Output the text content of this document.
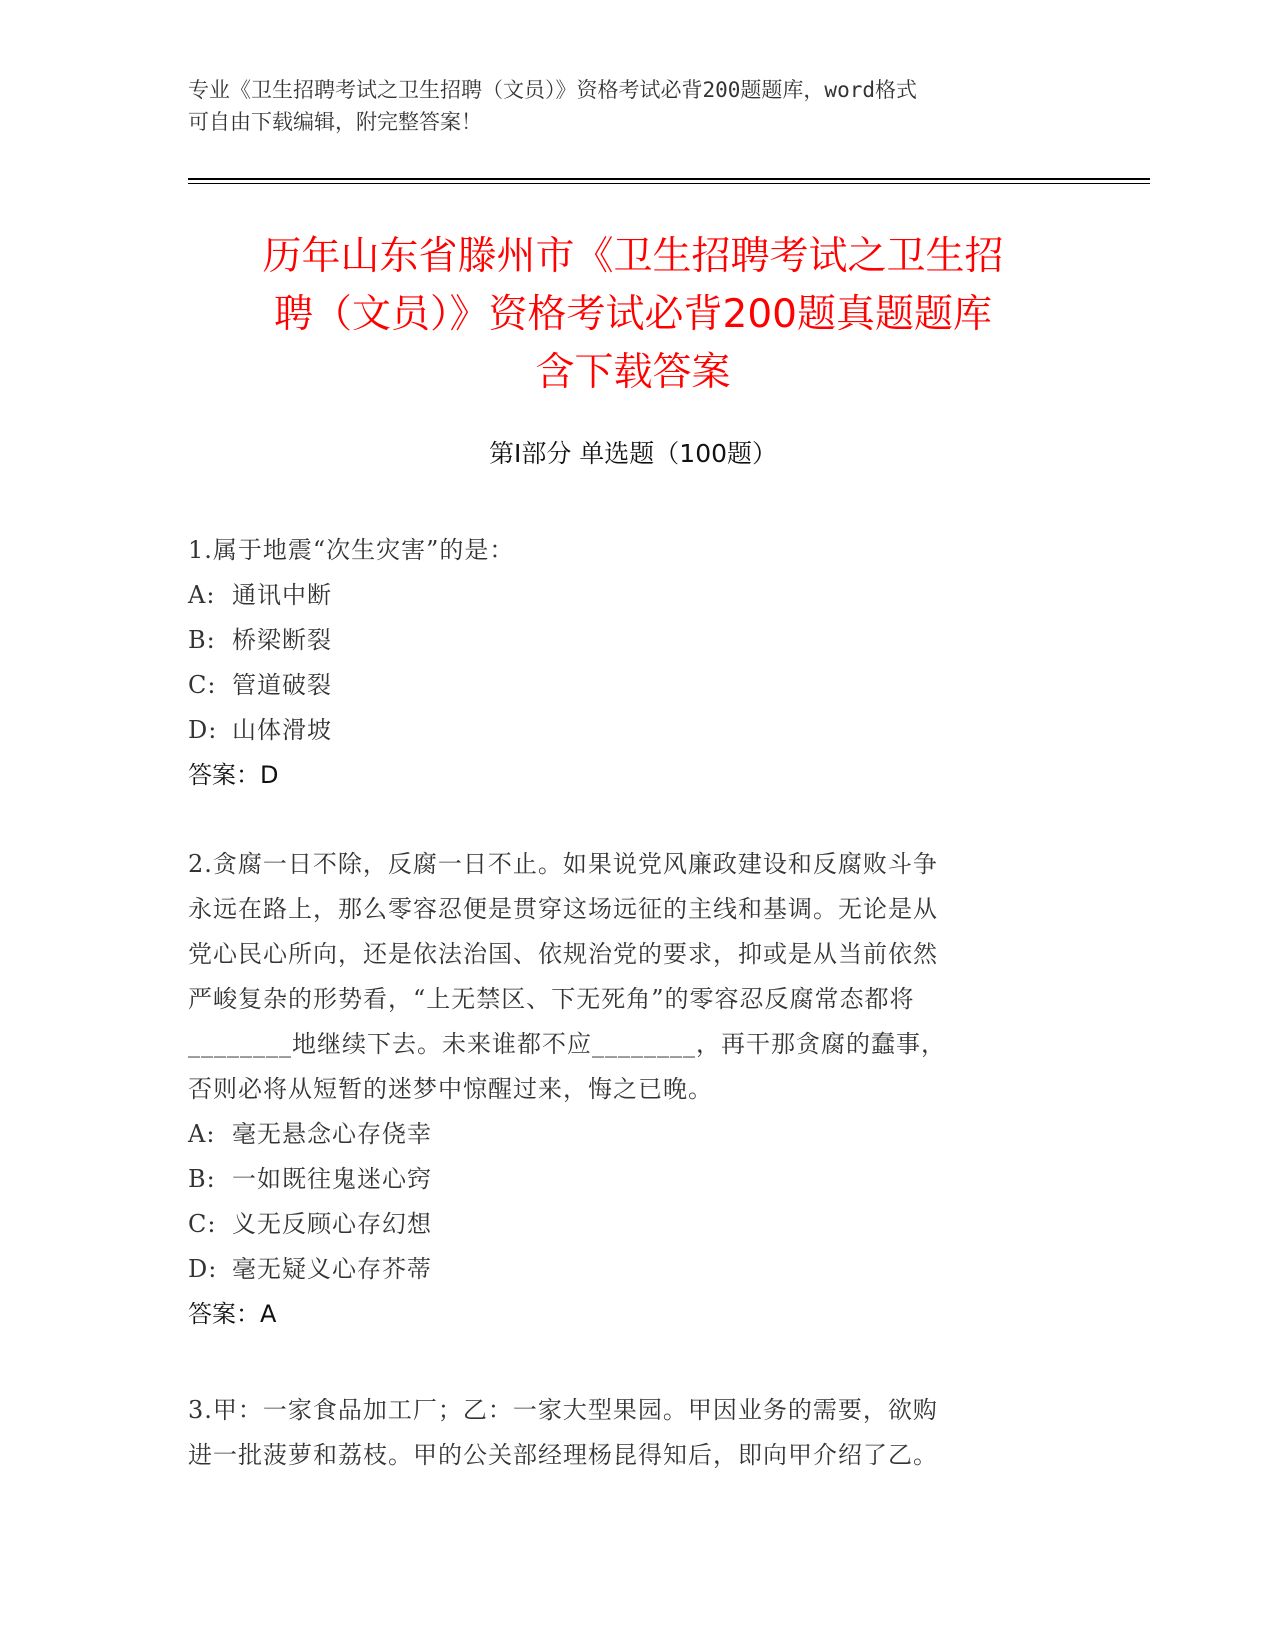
专业《卫生招聘考试之卫生招聘（文员）》资格考试必背200题题库，word格式
可自由下载编辑，附完整答案！
历年山东省滕州市《卫生招聘考试之卫生招
聘（文员）》资格考试必背200题真题题库
含下载答案
第Ⅰ部分 单选题（100题）
1.属于地震“次生灾害”的是：
A: 通讯中断
B: 桥梁断裂
C: 管道破裂
D: 山体滑坡
答案：D
2.贪腐一日不除，反腐一日不止。如果说党风廉政建设和反腐败斗争
永远在路上，那么零容忍便是贯穿这场远征的主线和基调。无论是从
党心民心所向，还是依法治国、依规治党的要求，抑或是从当前依然
严峻复杂的形势看，“上无禁区、下无死角”的零容忍反腐常态都将
________地继续下去。未来谁都不应________，再干那贪腐的蠢事，
否则必将从短暂的迷梦中惊醒过来，悔之已晚。
A: 毫无悬念心存侥幸
B: 一如既往鬼迷心窍
C: 义无反顾心存幻想
D: 毫无疑义心存芥蒂
答案：A
3.甲：一家食品加工厂；乙：一家大型果园。甲因业务的需要，欲购
进一批菠萝和荔枝。甲的公关部经理杨昆得知后，即向甲介绍了乙。
